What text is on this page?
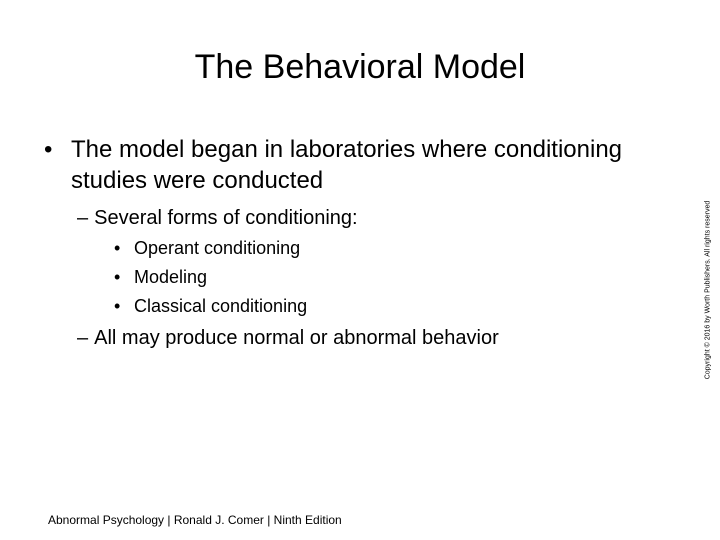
The Behavioral Model
• The model began in laboratories where conditioning studies were conducted
– Several forms of conditioning:
• Operant conditioning
• Modeling
• Classical conditioning
– All may produce normal or abnormal behavior
Abnormal Psychology | Ronald J. Comer | Ninth Edition
Copyright © 2016 by Worth Publishers. All rights reserved
